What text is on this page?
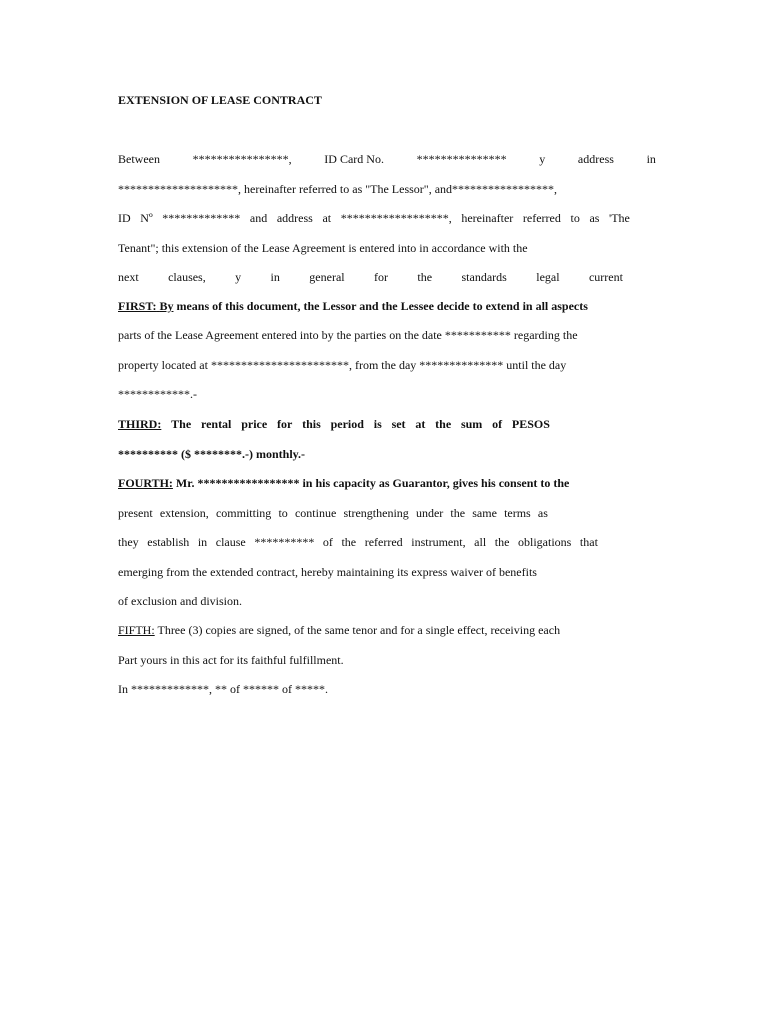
EXTENSION OF LEASE CONTRACT
Between	****************,	ID Card No.	***************	y	address	in
********************, hereinafter referred to as "The Lessor", and*****************,
ID Nº ************* and address at ******************, hereinafter referred to as 'The
Tenant"; this extension of the Lease Agreement is entered into in accordance with the
next clauses, y in general for the standards legal current
FIRST: By means of this document, the Lessor and the Lessee decide to extend in all aspects
parts of the Lease Agreement entered into by the parties on the date *********** regarding the
property located at ***********************, from the day ************** until the day
************.-
THIRD: The rental price for this period is set at the sum of PESOS
********** ($ ********.-) monthly.-
FOURTH: Mr. ***************** in his capacity as Guarantor, gives his consent to the
present extension, committing to continue strengthening under the same terms as
they establish in clause ********** of the referred instrument, all the obligations that
emerging from the extended contract, hereby maintaining its express waiver of benefits
of exclusion and division.
FIFTH: Three (3) copies are signed, of the same tenor and for a single effect, receiving each
Part yours in this act for its faithful fulfillment.
In *************, ** of ****** of *****.
